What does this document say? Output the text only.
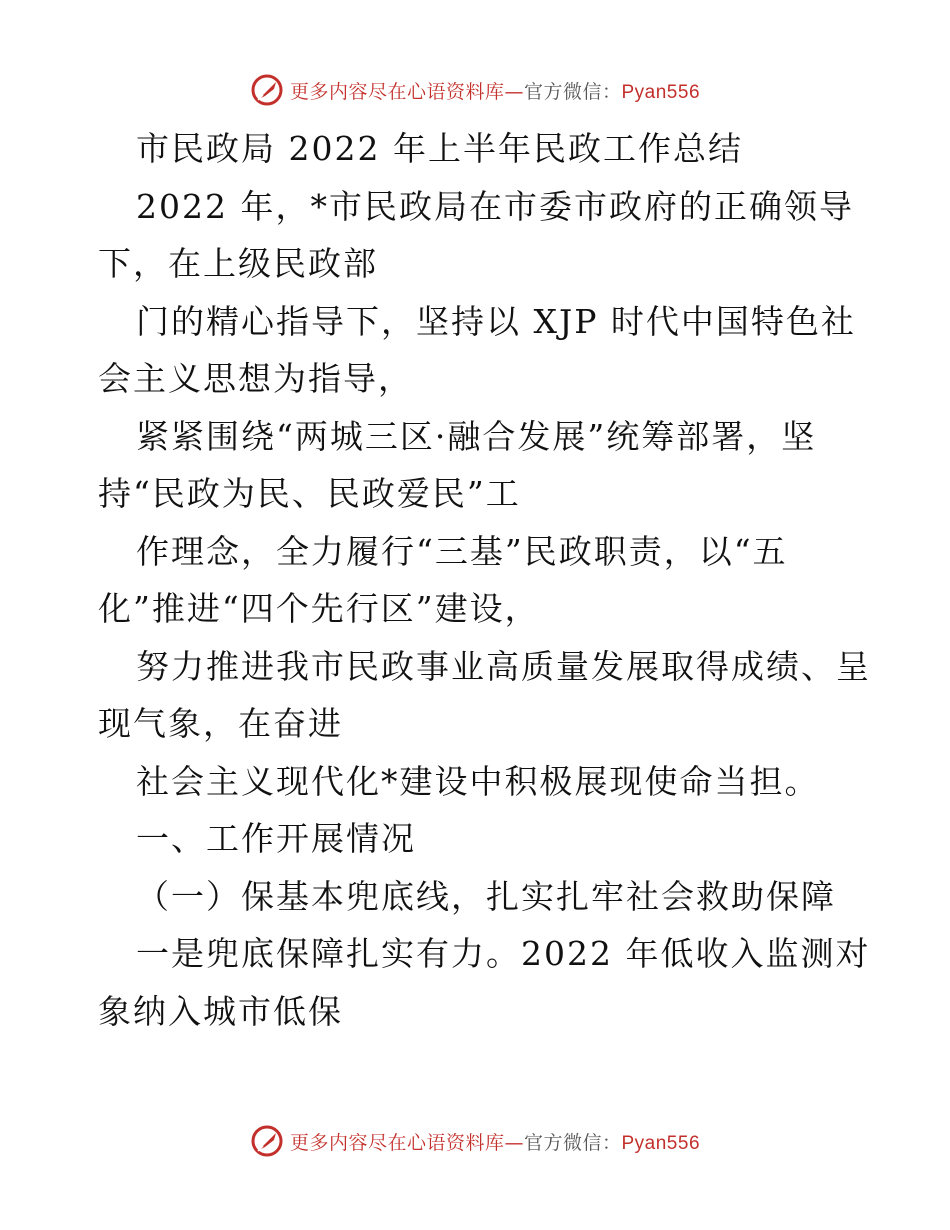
更多内容尽在心语资料库—官方微信：Pyan556
市民政局 2022 年上半年民政工作总结
2022 年，*市民政局在市委市政府的正确领导
下，在上级民政部
门的精心指导下，坚持以 XJP 时代中国特色社
会主义思想为指导，
紧紧围绕“两城三区·融合发展”统筹部署，坚
持“民政为民、民政爱民”工
作理念，全力履行“三基”民政职责，以“五
化”推进“四个先行区”建设，
努力推进我市民政事业高质量发展取得成绩、呈
现气象，在奋进
社会主义现代化*建设中积极展现使命当担。
一、工作开展情况
（一）保基本兜底线，扎实扎牢社会救助保障
一是兜底保障扎实有力。2022 年低收入监测对
象纳入城市低保
更多内容尽在心语资料库—官方微信：Pyan556
